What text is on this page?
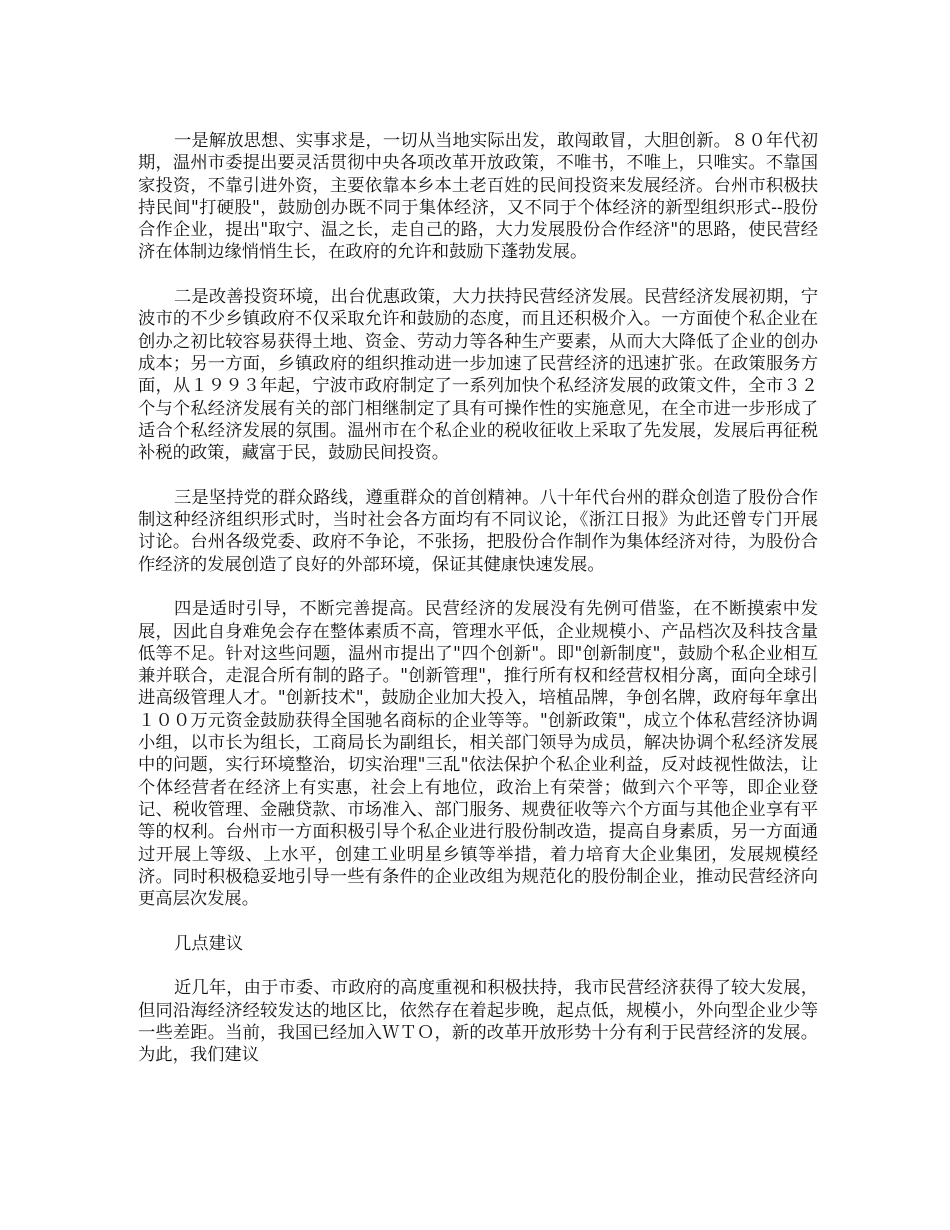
一是解放思想、实事求是，一切从当地实际出发，敢闯敢冒，大胆创新。８０年代初期，温州市委提出要灵活贯彻中央各项改革开放政策，不唯书，不唯上，只唯实。不靠国家投资，不靠引进外资，主要依靠本乡本土老百姓的民间投资来发展经济。台州市积极扶持民间"打硬股"，鼓励创办既不同于集体经济，又不同于个体经济的新型组织形式--股份合作企业，提出"取宁、温之长，走自己的路，大力发展股份合作经济"的思路，使民营经济在体制边缘悄悄生长，在政府的允许和鼓励下蓬勃发展。

二是改善投资环境，出台优惠政策，大力扶持民营经济发展。民营经济发展初期，宁波市的不少乡镇政府不仅采取允许和鼓励的态度，而且还积极介入。一方面使个私企业在创办之初比较容易获得土地、资金、劳动力等各种生产要素，从而大大降低了企业的创办成本；另一方面，乡镇政府的组织推动进一步加速了民营经济的迅速扩张。在政策服务方面，从１９９３年起，宁波市政府制定了一系列加快个私经济发展的政策文件，全市３２个与个私经济发展有关的部门相继制定了具有可操作性的实施意见，在全市进一步形成了适合个私经济发展的氛围。温州市在个私企业的税收征收上采取了先发展，发展后再征税补税的政策，藏富于民，鼓励民间投资。

三是坚持党的群众路线，遵重群众的首创精神。八十年代台州的群众创造了股份合作制这种经济组织形式时，当时社会各方面均有不同议论，《浙江日报》为此还曾专门开展讨论。台州各级党委、政府不争论，不张扬，把股份合作制作为集体经济对待，为股份合作经济的发展创造了良好的外部环境，保证其健康快速发展。

四是适时引导，不断完善提高。民营经济的发展没有先例可借鉴，在不断摸索中发展，因此自身难免会存在整体素质不高，管理水平低，企业规模小、产品档次及科技含量低等不足。针对这些问题，温州市提出了"四个创新"。即"创新制度"，鼓励个私企业相互兼并联合，走混合所有制的路子。"创新管理"，推行所有权和经营权相分离，面向全球引进高级管理人才。"创新技术"，鼓励企业加大投入，培植品牌，争创名牌，政府每年拿出１００万元资金鼓励获得全国驰名商标的企业等等。"创新政策"，成立个体私营经济协调小组，以市长为组长，工商局长为副组长，相关部门领导为成员，解决协调个私经济发展中的问题，实行环境整治，切实治理"三乱"依法保护个私企业利益，反对歧视性做法，让个体经营者在经济上有实惠，社会上有地位，政治上有荣誉；做到六个平等，即企业登记、税收管理、金融贷款、市场准入、部门服务、规费征收等六个方面与其他企业享有平等的权利。台州市一方面积极引导个私企业进行股份制改造，提高自身素质，另一方面通过开展上等级、上水平，创建工业明星乡镇等举措，着力培育大企业集团，发展规模经济。同时积极稳妥地引导一些有条件的企业改组为规范化的股份制企业，推动民营经济向更高层次发展。

几点建议

近几年，由于市委、市政府的高度重视和积极扶持，我市民营经济获得了较大发展，但同沿海经济经较发达的地区比，依然存在着起步晚，起点低，规模小，外向型企业少等一些差距。当前，我国已经加入ＷＴＯ，新的改革开放形势十分有利于民营经济的发展。为此，我们建议
